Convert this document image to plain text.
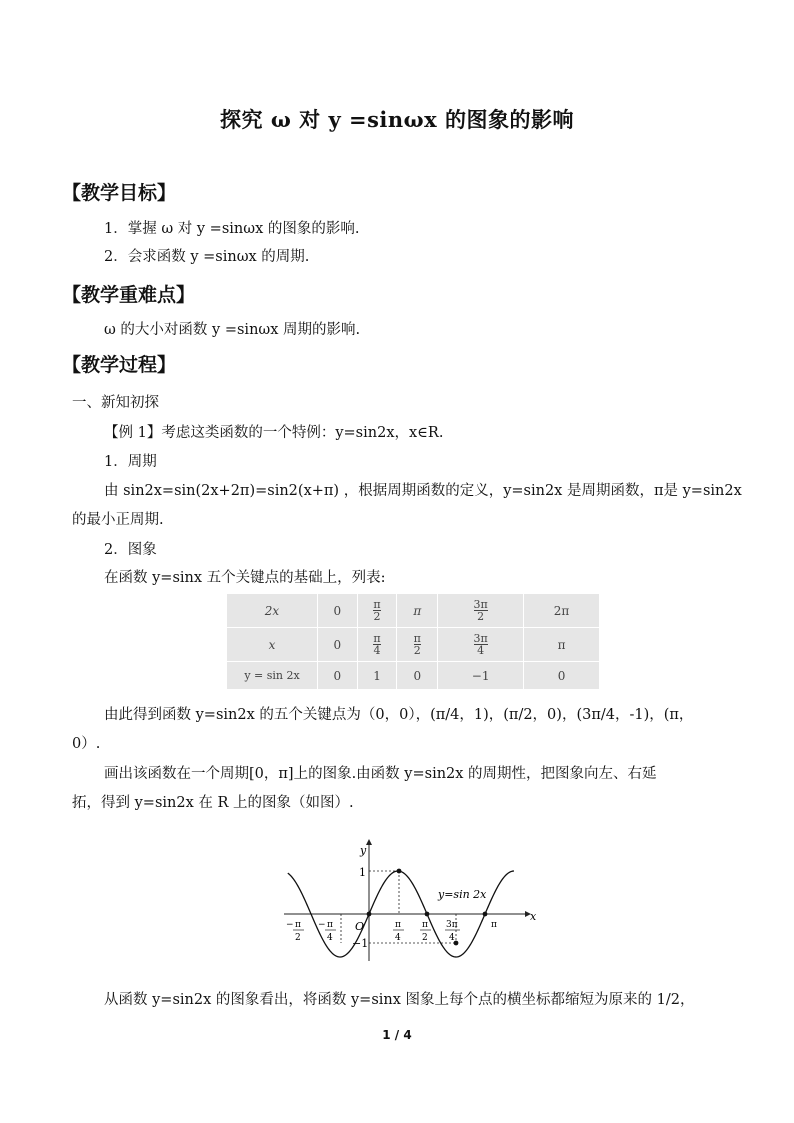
探究 ω 对 y =sinωx 的图象的影响
【教学目标】
1．掌握 ω 对 y =sinωx 的图象的影响.
2．会求函数 y =sinωx 的周期.
【教学重难点】
ω 的大小对函数 y =sinωx 周期的影响.
【教学过程】
一、新知初探
【例 1】考虑这类函数的一个特例：y=sin2x，x∈R.
1．周期
由 sin2x=sin(2x+2π)=sin2(x+π) ，根据周期函数的定义，y=sin2x 是周期函数，π是 y=sin2x
的最小正周期.
2．图象
在函数 y=sinx 五个关键点的基础上，列表:
2x	0	$\frac{\pi}{2}$	π	$\frac{3\pi}{2}$	2π
x	0	$\frac{\pi}{4}$	$\frac{\pi}{2}$	$\frac{3\pi}{4}$	π
y = sin 2x	0	1	0	−1	0
由此得到函数 y=sin2x 的五个关键点为（0，0），(π/4，1)，(π/2，0)，(3π/4，-1)，(π，
0）.
画出该函数在一个周期[0，π]上的图象.由函数 y=sin2x 的周期性，把图象向左、右延
拓，得到 y=sin2x 在 R 上的图象（如图）.
y
x
O
1
−1
y=sin 2x
− π
2
− π
4
π
4
π
2
3π
4
π
从函数 y=sin2x 的图象看出，将函数 y=sinx 图象上每个点的横坐标都缩短为原来的 1/2，
1 / 4
